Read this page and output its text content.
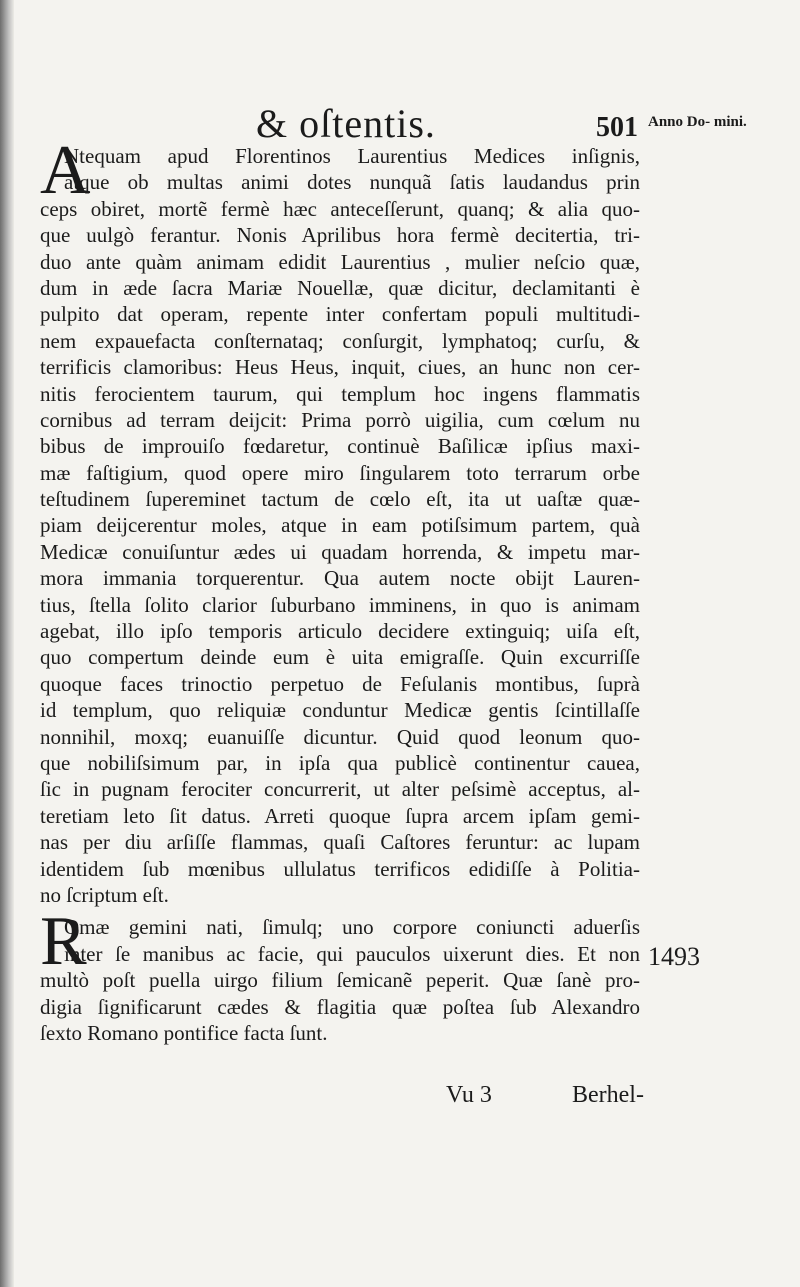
& oſtentis.	501 Anno Do- mini.
1493
A
Ntequam apud Florentinos Laurentius Medices inſignis,
atque ob multas animi dotes nunquã ſatis laudandus prin
ceps obiret, mortẽ fermè hæc anteceſſerunt, quanq; & alia quo-
que uulgò ferantur. Nonis Aprilibus hora fermè decitertia, tri-
duo ante quàm animam edidit Laurentius , mulier neſcio quæ,
dum in æde ſacra Mariæ Nouellæ, quæ dicitur, declamitanti è
pulpito dat operam, repente inter confertam populi multitudi-
nem expauefacta conſternataq; conſurgit, lymphatoq; curſu, &
terrificis clamoribus: Heus Heus, inquit, ciues, an hunc non cer-
nitis ferocientem taurum, qui templum hoc ingens flammatis
cornibus ad terram deijcit: Prima porrò uigilia, cum cœlum nu
bibus de improuiſo fœdaretur, continuè Baſilicæ ipſius maxi-
mæ faſtigium, quod opere miro ſingularem toto terrarum orbe
teſtudinem ſupereminet tactum de cœlo eſt, ita ut uaſtæ quæ-
piam deijcerentur moles, atque in eam potiſsimum partem, quà
Medicæ conuiſuntur ædes ui quadam horrenda, & impetu mar-
mora immania torquerentur. Qua autem nocte obijt Lauren-
tius, ſtella ſolito clarior ſuburbano imminens, in quo is animam
agebat, illo ipſo temporis articulo decidere extinguiq; uiſa eſt,
quo compertum deinde eum è uita emigraſſe. Quin excurriſſe
quoque faces trinoctio perpetuo de Feſulanis montibus, ſuprà
id templum, quo reliquiæ conduntur Medicæ gentis ſcintillaſſe
nonnihil, moxq; euanuiſſe dicuntur. Quid quod leonum quo-
que nobiliſsimum par, in ipſa qua publicè continentur cauea,
ſic in pugnam ferociter concurrerit, ut alter peſsimè acceptus, al-
teretiam leto ſit datus. Arreti quoque ſupra arcem ipſam gemi-
nas per diu arſiſſe flammas, quaſi Caſtores feruntur: ac lupam
identidem ſub mœnibus ullulatus terrificos edidiſſe à Politia-
no ſcriptum eſt.
R
Omæ gemini nati, ſimulq; uno corpore coniuncti aduerſis
inter ſe manibus ac facie, qui pauculos uixerunt dies. Et non
multò poſt puella uirgo filium ſemicanẽ peperit. Quæ ſanè pro-
digia ſignificarunt cædes & flagitia quæ poſtea ſub Alexandro
ſexto Romano pontifice facta ſunt.
Vu 3	Berhel-
